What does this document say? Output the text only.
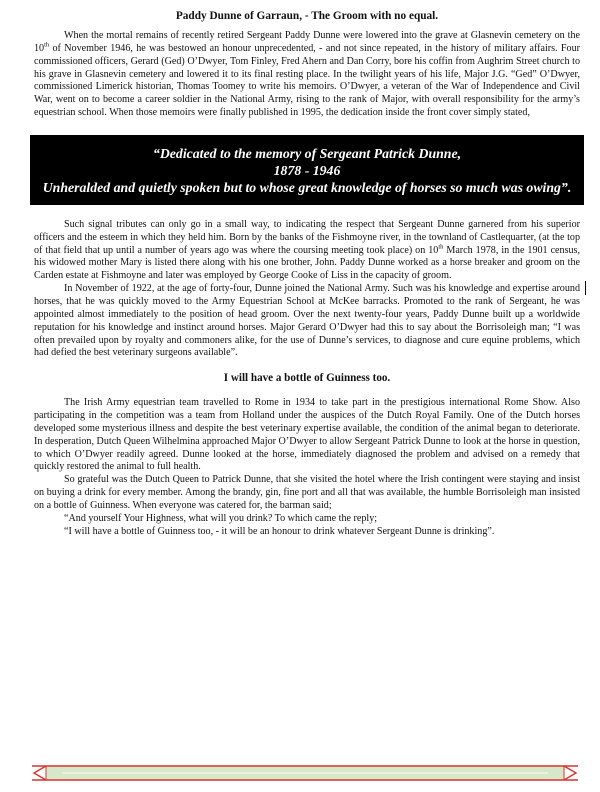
Paddy Dunne of Garraun, - The Groom with no equal.

When the mortal remains of recently retired Sergeant Paddy Dunne were lowered into the grave at Glasnevin cemetery on the 10th of November 1946, he was bestowed an honour unprecedented, - and not since repeated, in the history of military affairs. Four commissioned officers, Gerard (Ged) O’Dwyer, Tom Finley, Fred Ahern and Dan Corry, bore his coffin from Aughrim Street church to his grave in Glasnevin cemetery and lowered it to its final resting place. In the twilight years of his life, Major J.G. “Ged” O’Dwyer, commissioned Limerick historian, Thomas Toomey to write his memoirs. O’Dwyer, a veteran of the War of Independence and Civil War, went on to become a career soldier in the National Army, rising to the rank of Major, with overall responsibility for the army’s equestrian school. When those memoirs were finally published in 1995, the dedication inside the front cover simply stated,

“Dedicated to the memory of Sergeant Patrick Dunne,
1878 - 1946
Unheralded and quietly spoken but to whose great knowledge of horses so much was owing”.

Such signal tributes can only go in a small way, to indicating the respect that Sergeant Dunne garnered from his superior officers and the esteem in which they held him. Born by the banks of the Fishmoyne river, in the townland of Castlequarter, (at the top of that field that up until a number of years ago was where the coursing meeting took place) on 10th March 1978, in the 1901 census, his widowed mother Mary is listed there along with his one brother, John. Paddy Dunne worked as a horse breaker and groom on the Carden estate at Fishmoyne and later was employed by George Cooke of Liss in the capacity of groom.

In November of 1922, at the age of forty-four, Dunne joined the National Army. Such was his knowledge and expertise around horses, that he was quickly moved to the Army Equestrian School at McKee barracks. Promoted to the rank of Sergeant, he was appointed almost immediately to the position of head groom. Over the next twenty-four years, Paddy Dunne built up a worldwide reputation for his knowledge and instinct around horses. Major Gerard O’Dwyer had this to say about the Borrisoleigh man; “I was often prevailed upon by royalty and commoners alike, for the use of Dunne’s services, to diagnose and cure equine problems, which had defied the best veterinary surgeons available”.

I will have a bottle of Guinness too.

The Irish Army equestrian team travelled to Rome in 1934 to take part in the prestigious international Rome Show. Also participating in the competition was a team from Holland under the auspices of the Dutch Royal Family. One of the Dutch horses developed some mysterious illness and despite the best veterinary expertise available, the condition of the animal began to deteriorate. In desperation, Dutch Queen Wilhelmina approached Major O’Dwyer to allow Sergeant Patrick Dunne to look at the horse in question, to which O’Dwyer readily agreed. Dunne looked at the horse, immediately diagnosed the problem and advised on a remedy that quickly restored the animal to full health.

So grateful was the Dutch Queen to Patrick Dunne, that she visited the hotel where the Irish contingent were staying and insist on buying a drink for every member. Among the brandy, gin, fine port and all that was available, the humble Borrisoleigh man insisted on a bottle of Guinness. When everyone was catered for, the barman said;

“And yourself Your Highness, what will you drink? To which came the reply;

“I will have a bottle of Guinness too, - it will be an honour to drink whatever Sergeant Dunne is drinking”.
